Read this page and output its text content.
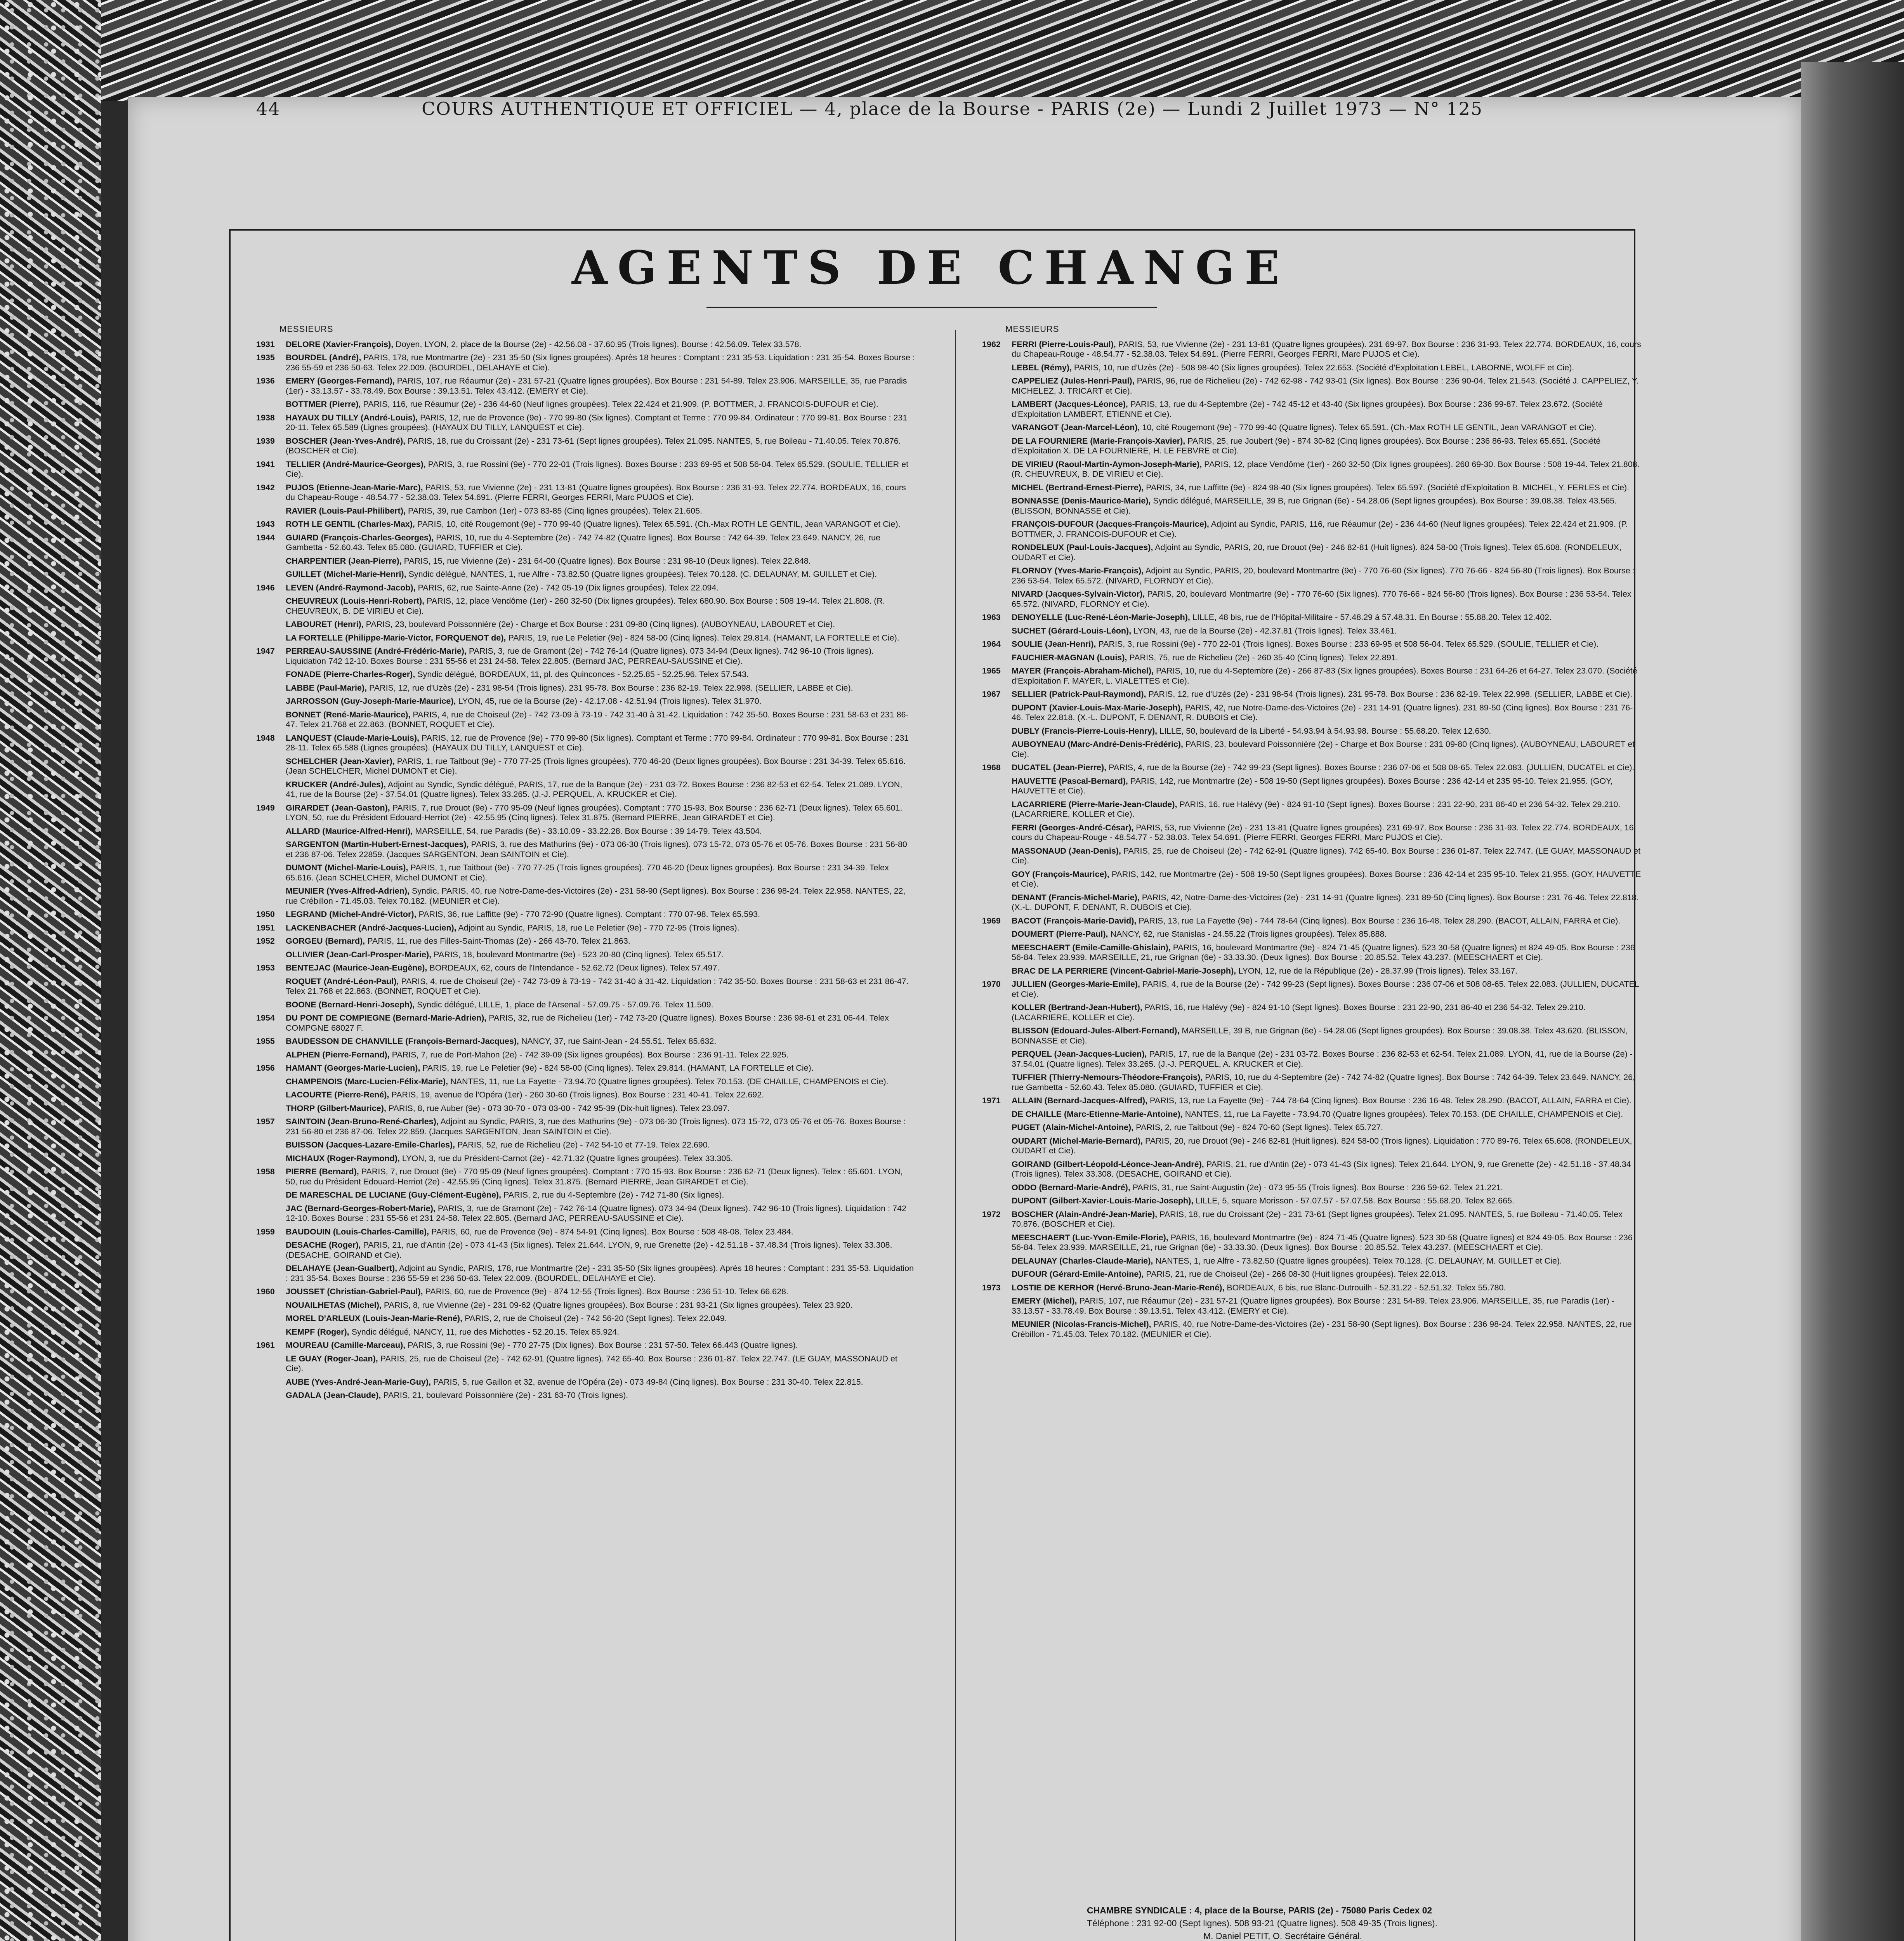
44	COURS AUTHENTIQUE ET OFFICIEL — 4, place de la Bourse - PARIS (2e) — Lundi 2 Juillet 1973 — N° 125
AGENTS DE CHANGE
MESSIEURS
1931 DELORE (Xavier-François), Doyen, LYON, 2, place de la Bourse (2e) - 42.56.08 - 37.60.95 (Trois lignes). Bourse : 42.56.09. Telex 33.578.
1935 BOURDEL (André), PARIS, 178, rue Montmartre (2e) - 231 35-50 (Six lignes groupées). Après 18 heures : Comptant : 231 35-53. Liquidation : 231 35-54. Boxes Bourse : 236 55-59 et 236 50-63. Telex 22.009. (BOURDEL, DELAHAYE et Cie).
1936 EMERY (Georges-Fernand), PARIS, 107, rue Réaumur (2e) - 231 57-21 (Quatre lignes groupées). Box Bourse : 231 54-89. Telex 23.906. MARSEILLE, 35, rue Paradis (1er) - 33.13.57 - 33.78.49. Box Bourse : 39.13.51. Telex 43.412. (EMERY et Cie).
BOTTMER (Pierre), PARIS, 116, rue Réaumur (2e) - 236 44-60 (Neuf lignes groupées). Telex 22.424 et 21.909. (P. BOTTMER, J. FRANCOIS-DUFOUR et Cie).
1938 HAYAUX DU TILLY (André-Louis), PARIS, 12, rue de Provence (9e) - 770 99-80 (Six lignes). Comptant et Terme : 770 99-84. Ordinateur : 770 99-81. Box Bourse : 231 20-11. Telex 65.589 (Lignes groupées). (HAYAUX DU TILLY, LANQUEST et Cie).
1939 BOSCHER (Jean-Yves-André), PARIS, 18, rue du Croissant (2e) - 231 73-61 (Sept lignes groupées). Telex 21.095. NANTES, 5, rue Boileau - 71.40.05. Telex 70.876. (BOSCHER et Cie).
1941 TELLIER (André-Maurice-Georges), PARIS, 3, rue Rossini (9e) - 770 22-01 (Trois lignes). Boxes Bourse : 233 69-95 et 508 56-04. Telex 65.529. (SOULIE, TELLIER et Cie).
1942 PUJOS (Etienne-Jean-Marie-Marc), PARIS, 53, rue Vivienne (2e) - 231 13-81 (Quatre lignes groupées). Box Bourse : 236 31-93. Telex 22.774. BORDEAUX, 16, cours du Chapeau-Rouge - 48.54.77 - 52.38.03. Telex 54.691. (Pierre FERRI, Georges FERRI, Marc PUJOS et Cie).
RAVIER (Louis-Paul-Philibert), PARIS, 39, rue Cambon (1er) - 073 83-85 (Cinq lignes groupées). Telex 21.605.
1943 ROTH LE GENTIL (Charles-Max), PARIS, 10, cité Rougemont (9e) - 770 99-40 (Quatre lignes). Telex 65.591. (Ch.-Max ROTH LE GENTIL, Jean VARANGOT et Cie).
1944 GUIARD (François-Charles-Georges), PARIS, 10, rue du 4-Septembre (2e) - 742 74-82 (Quatre lignes). Box Bourse : 742 64-39. Telex 23.649. NANCY, 26, rue Gambetta - 52.60.43. Telex 85.080. (GUIARD, TUFFIER et Cie).
CHARPENTIER (Jean-Pierre), PARIS, 15, rue Vivienne (2e) - 231 64-00 (Quatre lignes). Box Bourse : 231 98-10 (Deux lignes). Telex 22.848.
GUILLET (Michel-Marie-Henri), Syndic délégué, NANTES, 1, rue Alfre - 73.82.50 (Quatre lignes groupées). Telex 70.128. (C. DELAUNAY, M. GUILLET et Cie).
1946 LEVEN (André-Raymond-Jacob), PARIS, 62, rue Sainte-Anne (2e) - 742 05-19 (Dix lignes groupées). Telex 22.094.
CHEUVREUX (Louis-Henri-Robert), PARIS, 12, place Vendôme (1er) - 260 32-50 (Dix lignes groupées). Telex 680.90. Box Bourse : 508 19-44. Telex 21.808. (R. CHEUVREUX, B. DE VIRIEU et Cie).
LABOURET (Henri), PARIS, 23, boulevard Poissonnière (2e) - Charge et Box Bourse : 231 09-80 (Cinq lignes). (AUBOYNEAU, LABOURET et Cie).
LA FORTELLE (Philippe-Marie-Victor, FORQUENOT de), PARIS, 19, rue Le Peletier (9e) - 824 58-00 (Cinq lignes). Telex 29.814. (HAMANT, LA FORTELLE et Cie).
1947 PERREAU-SAUSSINE (André-Frédéric-Marie), PARIS, 3, rue de Gramont (2e) - 742 76-14 (Quatre lignes). 073 34-94 (Deux lignes). 742 96-10 (Trois lignes). Liquidation 742 12-10. Boxes Bourse : 231 55-56 et 231 24-58. Telex 22.805. (Bernard JAC, PERREAU-SAUSSINE et Cie).
FONADE (Pierre-Charles-Roger), Syndic délégué, BORDEAUX, 11, pl. des Quinconces - 52.25.85 - 52.25.96. Telex 57.543.
LABBE (Paul-Marie), PARIS, 12, rue d'Uzès (2e) - 231 98-54 (Trois lignes). 231 95-78. Box Bourse : 236 82-19. Telex 22.998. (SELLIER, LABBE et Cie).
JARROSSON (Guy-Joseph-Marie-Maurice), LYON, 45, rue de la Bourse (2e) - 42.17.08 - 42.51.94 (Trois lignes). Telex 31.970.
BONNET (René-Marie-Maurice), PARIS, 4, rue de Choiseul (2e) - 742 73-09 à 73-19 - 742 31-40 à 31-42. Liquidation : 742 35-50. Boxes Bourse : 231 58-63 et 231 86-47. Telex 21.768 et 22.863. (BONNET, ROQUET et Cie).
1948 LANQUEST (Claude-Marie-Louis), PARIS, 12, rue de Provence (9e) - 770 99-80 (Six lignes). Comptant et Terme : 770 99-84. Ordinateur : 770 99-81. Box Bourse : 231 28-11. Telex 65.588 (Lignes groupées). (HAYAUX DU TILLY, LANQUEST et Cie).
SCHELCHER (Jean-Xavier), PARIS, 1, rue Taitbout (9e) - 770 77-25 (Trois lignes groupées). 770 46-20 (Deux lignes groupées). Box Bourse : 231 34-39. Telex 65.616. (Jean SCHELCHER, Michel DUMONT et Cie).
KRUCKER (André-Jules), Adjoint au Syndic, Syndic délégué, PARIS, 17, rue de la Banque (2e) - 231 03-72. Boxes Bourse : 236 82-53 et 62-54. Telex 21.089. LYON, 41, rue de la Bourse (2e) - 37.54.01 (Quatre lignes). Telex 33.265. (J.-J. PERQUEL, A. KRUCKER et Cie).
1949 GIRARDET (Jean-Gaston), PARIS, 7, rue Drouot (9e) - 770 95-09 (Neuf lignes groupées). Comptant : 770 15-93. Box Bourse : 236 62-71 (Deux lignes). Telex 65.601. LYON, 50, rue du Président Edouard-Herriot (2e) - 42.55.95 (Cinq lignes). Telex 31.875. (Bernard PIERRE, Jean GIRARDET et Cie).
ALLARD (Maurice-Alfred-Henri), MARSEILLE, 54, rue Paradis (6e) - 33.10.09 - 33.22.28. Box Bourse : 39 14-79. Telex 43.504.
SARGENTON (Martin-Hubert-Ernest-Jacques), PARIS, 3, rue des Mathurins (9e) - 073 06-30 (Trois lignes). 073 15-72, 073 05-76 et 05-76. Boxes Bourse : 231 56-80 et 236 87-06. Telex 22859. (Jacques SARGENTON, Jean SAINTOIN et Cie).
DUMONT (Michel-Marie-Louis), PARIS, 1, rue Taitbout (9e) - 770 77-25 (Trois lignes groupées). 770 46-20 (Deux lignes groupées). Box Bourse : 231 34-39. Telex 65.616. (Jean SCHELCHER, Michel DUMONT et Cie).
MEUNIER (Yves-Alfred-Adrien), Syndic, PARIS, 40, rue Notre-Dame-des-Victoires (2e) - 231 58-90 (Sept lignes). Box Bourse : 236 98-24. Telex 22.958. NANTES, 22, rue Crébillon - 71.45.03. Telex 70.182. (MEUNIER et Cie).
1950 LEGRAND (Michel-André-Victor), PARIS, 36, rue Laffitte (9e) - 770 72-90 (Quatre lignes). Comptant : 770 07-98. Telex 65.593.
1951 LACKENBACHER (André-Jacques-Lucien), Adjoint au Syndic, PARIS, 18, rue Le Peletier (9e) - 770 72-95 (Trois lignes).
1952 GORGEU (Bernard), PARIS, 11, rue des Filles-Saint-Thomas (2e) - 266 43-70. Telex 21.863.
OLLIVIER (Jean-Carl-Prosper-Marie), PARIS, 18, boulevard Montmartre (9e) - 523 20-80 (Cinq lignes). Telex 65.517.
1953 BENTEJAC (Maurice-Jean-Eugène), BORDEAUX, 62, cours de l'Intendance - 52.62.72 (Deux lignes). Telex 57.497.
ROQUET (André-Léon-Paul), PARIS, 4, rue de Choiseul (2e) - 742 73-09 à 73-19 - 742 31-40 à 31-42. Liquidation : 742 35-50. Boxes Bourse : 231 58-63 et 231 86-47. Telex 21.768 et 22.863. (BONNET, ROQUET et Cie).
BOONE (Bernard-Henri-Joseph), Syndic délégué, LILLE, 1, place de l'Arsenal - 57.09.75 - 57.09.76. Telex 11.509.
1954 DU PONT DE COMPIEGNE (Bernard-Marie-Adrien), PARIS, 32, rue de Richelieu (1er) - 742 73-20 (Quatre lignes). Boxes Bourse : 236 98-61 et 231 06-44. Telex COMPGNE 68027 F.
1955 BAUDESSON DE CHANVILLE (François-Bernard-Jacques), NANCY, 37, rue Saint-Jean - 24.55.51. Telex 85.632.
ALPHEN (Pierre-Fernand), PARIS, 7, rue de Port-Mahon (2e) - 742 39-09 (Six lignes groupées). Box Bourse : 236 91-11. Telex 22.925.
1956 HAMANT (Georges-Marie-Lucien), PARIS, 19, rue Le Peletier (9e) - 824 58-00 (Cinq lignes). Telex 29.814. (HAMANT, LA FORTELLE et Cie).
CHAMPENOIS (Marc-Lucien-Félix-Marie), NANTES, 11, rue La Fayette - 73.94.70 (Quatre lignes groupées). Telex 70.153. (DE CHAILLE, CHAMPENOIS et Cie).
LACOURTE (Pierre-René), PARIS, 19, avenue de l'Opéra (1er) - 260 30-60 (Trois lignes). Box Bourse : 231 40-41. Telex 22.692.
THORP (Gilbert-Maurice), PARIS, 8, rue Auber (9e) - 073 30-70 - 073 03-00 - 742 95-39 (Dix-huit lignes). Telex 23.097.
1957 SAINTOIN (Jean-Bruno-René-Charles), Adjoint au Syndic, PARIS, 3, rue des Mathurins (9e) - 073 06-30 (Trois lignes). 073 15-72, 073 05-76 et 05-76. Boxes Bourse : 231 56-80 et 236 87-06. Telex 22.859. (Jacques SARGENTON, Jean SAINTOIN et Cie).
BUISSON (Jacques-Lazare-Emile-Charles), PARIS, 52, rue de Richelieu (2e) - 742 54-10 et 77-19. Telex 22.690.
MICHAUX (Roger-Raymond), LYON, 3, rue du Président-Carnot (2e) - 42.71.32 (Quatre lignes groupées). Telex 33.305.
1958 PIERRE (Bernard), PARIS, 7, rue Drouot (9e) - 770 95-09 (Neuf lignes groupées). Comptant : 770 15-93. Box Bourse : 236 62-71 (Deux lignes). Telex : 65.601. LYON, 50, rue du Président Edouard-Herriot (2e) - 42.55.95 (Cinq lignes). Telex 31.875. (Bernard PIERRE, Jean GIRARDET et Cie).
DE MARESCHAL DE LUCIANE (Guy-Clément-Eugène), PARIS, 2, rue du 4-Septembre (2e) - 742 71-80 (Six lignes).
JAC (Bernard-Georges-Robert-Marie), PARIS, 3, rue de Gramont (2e) - 742 76-14 (Quatre lignes). 073 34-94 (Deux lignes). 742 96-10 (Trois lignes). Liquidation : 742 12-10. Boxes Bourse : 231 55-56 et 231 24-58. Telex 22.805. (Bernard JAC, PERREAU-SAUSSINE et Cie).
1959 BAUDOUIN (Louis-Charles-Camille), PARIS, 60, rue de Provence (9e) - 874 54-91 (Cinq lignes). Box Bourse : 508 48-08. Telex 23.484.
DESACHE (Roger), PARIS, 21, rue d'Antin (2e) - 073 41-43 (Six lignes). Telex 21.644. LYON, 9, rue Grenette (2e) - 42.51.18 - 37.48.34 (Trois lignes). Telex 33.308. (DESACHE, GOIRAND et Cie).
DELAHAYE (Jean-Gualbert), Adjoint au Syndic, PARIS, 178, rue Montmartre (2e) - 231 35-50 (Six lignes groupées). Après 18 heures : Comptant : 231 35-53. Liquidation : 231 35-54. Boxes Bourse : 236 55-59 et 236 50-63. Telex 22.009. (BOURDEL, DELAHAYE et Cie).
1960 JOUSSET (Christian-Gabriel-Paul), PARIS, 60, rue de Provence (9e) - 874 12-55 (Trois lignes). Box Bourse : 236 51-10. Telex 66.628.
NOUAILHETAS (Michel), PARIS, 8, rue Vivienne (2e) - 231 09-62 (Quatre lignes groupées). Box Bourse : 231 93-21 (Six lignes groupées). Telex 23.920.
MOREL D'ARLEUX (Louis-Jean-Marie-René), PARIS, 2, rue de Choiseul (2e) - 742 56-20 (Sept lignes). Telex 22.049.
KEMPF (Roger), Syndic délégué, NANCY, 11, rue des Michottes - 52.20.15. Telex 85.924.
1961 MOUREAU (Camille-Marceau), PARIS, 3, rue Rossini (9e) - 770 27-75 (Dix lignes). Box Bourse : 231 57-50. Telex 66.443 (Quatre lignes).
LE GUAY (Roger-Jean), PARIS, 25, rue de Choiseul (2e) - 742 62-91 (Quatre lignes). 742 65-40. Box Bourse : 236 01-87. Telex 22.747. (LE GUAY, MASSONAUD et Cie).
AUBE (Yves-André-Jean-Marie-Guy), PARIS, 5, rue Gaillon et 32, avenue de l'Opéra (2e) - 073 49-84 (Cinq lignes). Box Bourse : 231 30-40. Telex 22.815.
GADALA (Jean-Claude), PARIS, 21, boulevard Poissonnière (2e) - 231 63-70 (Trois lignes).
MESSIEURS
1962 FERRI (Pierre-Louis-Paul), PARIS, 53, rue Vivienne (2e) - 231 13-81 (Quatre lignes groupées). 231 69-97. Box Bourse : 236 31-93. Telex 22.774. BORDEAUX, 16, cours du Chapeau-Rouge - 48.54.77 - 52.38.03. Telex 54.691. (Pierre FERRI, Georges FERRI, Marc PUJOS et Cie).
LEBEL (Rémy), PARIS, 10, rue d'Uzès (2e) - 508 98-40 (Six lignes groupées). Telex 22.653. (Société d'Exploitation LEBEL, LABORNE, WOLFF et Cie).
CAPPELIEZ (Jules-Henri-Paul), PARIS, 96, rue de Richelieu (2e) - 742 62-98 - 742 93-01 (Six lignes). Box Bourse : 236 90-04. Telex 21.543. (Société J. CAPPELIEZ, Y. MICHELEZ, J. TRICART et Cie).
LAMBERT (Jacques-Léonce), PARIS, 13, rue du 4-Septembre (2e) - 742 45-12 et 43-40 (Six lignes groupées). Box Bourse : 236 99-87. Telex 23.672. (Société d'Exploitation LAMBERT, ETIENNE et Cie).
VARANGOT (Jean-Marcel-Léon), 10, cité Rougemont (9e) - 770 99-40 (Quatre lignes). Telex 65.591. (Ch.-Max ROTH LE GENTIL, Jean VARANGOT et Cie).
DE LA FOURNIERE (Marie-François-Xavier), PARIS, 25, rue Joubert (9e) - 874 30-82 (Cinq lignes groupées). Box Bourse : 236 86-93. Telex 65.651. (Société d'Exploitation X. DE LA FOURNIERE, H. LE FEBVRE et Cie).
DE VIRIEU (Raoul-Martin-Aymon-Joseph-Marie), PARIS, 12, place Vendôme (1er) - 260 32-50 (Dix lignes groupées). 260 69-30. Box Bourse : 508 19-44. Telex 21.808. (R. CHEUVREUX, B. DE VIRIEU et Cie).
MICHEL (Bertrand-Ernest-Pierre), PARIS, 34, rue Laffitte (9e) - 824 98-40 (Six lignes groupées). Telex 65.597. (Société d'Exploitation B. MICHEL, Y. FERLES et Cie).
BONNASSE (Denis-Maurice-Marie), Syndic délégué, MARSEILLE, 39 B, rue Grignan (6e) - 54.28.06 (Sept lignes groupées). Box Bourse : 39.08.38. Telex 43.565. (BLISSON, BONNASSE et Cie).
FRANÇOIS-DUFOUR (Jacques-François-Maurice), Adjoint au Syndic, PARIS, 116, rue Réaumur (2e) - 236 44-60 (Neuf lignes groupées). Telex 22.424 et 21.909. (P. BOTTMER, J. FRANCOIS-DUFOUR et Cie).
RONDELEUX (Paul-Louis-Jacques), Adjoint au Syndic, PARIS, 20, rue Drouot (9e) - 246 82-81 (Huit lignes). 824 58-00 (Trois lignes). Telex 65.608. (RONDELEUX, OUDART et Cie).
FLORNOY (Yves-Marie-François), Adjoint au Syndic, PARIS, 20, boulevard Montmartre (9e) - 770 76-60 (Six lignes). 770 76-66 - 824 56-80 (Trois lignes). Box Bourse : 236 53-54. Telex 65.572. (NIVARD, FLORNOY et Cie).
NIVARD (Jacques-Sylvain-Victor), PARIS, 20, boulevard Montmartre (9e) - 770 76-60 (Six lignes). 770 76-66 - 824 56-80 (Trois lignes). Box Bourse : 236 53-54. Telex 65.572. (NIVARD, FLORNOY et Cie).
1963 DENOYELLE (Luc-René-Léon-Marie-Joseph), LILLE, 48 bis, rue de l'Hôpital-Militaire - 57.48.29 à 57.48.31. En Bourse : 55.88.20. Telex 12.402.
SUCHET (Gérard-Louis-Léon), LYON, 43, rue de la Bourse (2e) - 42.37.81 (Trois lignes). Telex 33.461.
1964 SOULIE (Jean-Henri), PARIS, 3, rue Rossini (9e) - 770 22-01 (Trois lignes). Boxes Bourse : 233 69-95 et 508 56-04. Telex 65.529. (SOULIE, TELLIER et Cie).
FAUCHIER-MAGNAN (Louis), PARIS, 75, rue de Richelieu (2e) - 260 35-40 (Cinq lignes). Telex 22.891.
1965 MAYER (François-Abraham-Michel), PARIS, 10, rue du 4-Septembre (2e) - 266 87-83 (Six lignes groupées). Boxes Bourse : 231 64-26 et 64-27. Telex 23.070. (Société d'Exploitation F. MAYER, L. VIALETTES et Cie).
1967 SELLIER (Patrick-Paul-Raymond), PARIS, 12, rue d'Uzès (2e) - 231 98-54 (Trois lignes). 231 95-78. Box Bourse : 236 82-19. Telex 22.998. (SELLIER, LABBE et Cie).
DUPONT (Xavier-Louis-Max-Marie-Joseph), PARIS, 42, rue Notre-Dame-des-Victoires (2e) - 231 14-91 (Quatre lignes). 231 89-50 (Cinq lignes). Box Bourse : 231 76-46. Telex 22.818. (X.-L. DUPONT, F. DENANT, R. DUBOIS et Cie).
DUBLY (Francis-Pierre-Louis-Henry), LILLE, 50, boulevard de la Liberté - 54.93.94 à 54.93.98. Bourse : 55.68.20. Telex 12.630.
AUBOYNEAU (Marc-André-Denis-Frédéric), PARIS, 23, boulevard Poissonnière (2e) - Charge et Box Bourse : 231 09-80 (Cinq lignes). (AUBOYNEAU, LABOURET et Cie).
1968 DUCATEL (Jean-Pierre), PARIS, 4, rue de la Bourse (2e) - 742 99-23 (Sept lignes). Boxes Bourse : 236 07-06 et 508 08-65. Telex 22.083. (JULLIEN, DUCATEL et Cie).
HAUVETTE (Pascal-Bernard), PARIS, 142, rue Montmartre (2e) - 508 19-50 (Sept lignes groupées). Boxes Bourse : 236 42-14 et 235 95-10. Telex 21.955. (GOY, HAUVETTE et Cie).
LACARRIERE (Pierre-Marie-Jean-Claude), PARIS, 16, rue Halévy (9e) - 824 91-10 (Sept lignes). Boxes Bourse : 231 22-90, 231 86-40 et 236 54-32. Telex 29.210. (LACARRIERE, KOLLER et Cie).
FERRI (Georges-André-César), PARIS, 53, rue Vivienne (2e) - 231 13-81 (Quatre lignes groupées). 231 69-97. Box Bourse : 236 31-93. Telex 22.774. BORDEAUX, 16, cours du Chapeau-Rouge - 48.54.77 - 52.38.03. Telex 54.691. (Pierre FERRI, Georges FERRI, Marc PUJOS et Cie).
MASSONAUD (Jean-Denis), PARIS, 25, rue de Choiseul (2e) - 742 62-91 (Quatre lignes). 742 65-40. Box Bourse : 236 01-87. Telex 22.747. (LE GUAY, MASSONAUD et Cie).
GOY (François-Maurice), PARIS, 142, rue Montmartre (2e) - 508 19-50 (Sept lignes groupées). Boxes Bourse : 236 42-14 et 235 95-10. Telex 21.955. (GOY, HAUVETTE et Cie).
DENANT (Francis-Michel-Marie), PARIS, 42, Notre-Dame-des-Victoires (2e) - 231 14-91 (Quatre lignes). 231 89-50 (Cinq lignes). Box Bourse : 231 76-46. Telex 22.818. (X.-L. DUPONT, F. DENANT, R. DUBOIS et Cie).
1969 BACOT (François-Marie-David), PARIS, 13, rue La Fayette (9e) - 744 78-64 (Cinq lignes). Box Bourse : 236 16-48. Telex 28.290. (BACOT, ALLAIN, FARRA et Cie).
DOUMERT (Pierre-Paul), NANCY, 62, rue Stanislas - 24.55.22 (Trois lignes groupées). Telex 85.888.
MEESCHAERT (Emile-Camille-Ghislain), PARIS, 16, boulevard Montmartre (9e) - 824 71-45 (Quatre lignes). 523 30-58 (Quatre lignes) et 824 49-05. Box Bourse : 236 56-84. Telex 23.939. MARSEILLE, 21, rue Grignan (6e) - 33.33.30. (Deux lignes). Box Bourse : 20.85.52. Telex 43.237. (MEESCHAERT et Cie).
BRAC DE LA PERRIERE (Vincent-Gabriel-Marie-Joseph), LYON, 12, rue de la République (2e) - 28.37.99 (Trois lignes). Telex 33.167.
1970 JULLIEN (Georges-Marie-Emile), PARIS, 4, rue de la Bourse (2e) - 742 99-23 (Sept lignes). Boxes Bourse : 236 07-06 et 508 08-65. Telex 22.083. (JULLIEN, DUCATEL et Cie).
KOLLER (Bertrand-Jean-Hubert), PARIS, 16, rue Halévy (9e) - 824 91-10 (Sept lignes). Boxes Bourse : 231 22-90, 231 86-40 et 236 54-32. Telex 29.210. (LACARRIERE, KOLLER et Cie).
BLISSON (Edouard-Jules-Albert-Fernand), MARSEILLE, 39 B, rue Grignan (6e) - 54.28.06 (Sept lignes groupées). Box Bourse : 39.08.38. Telex 43.620. (BLISSON, BONNASSE et Cie).
PERQUEL (Jean-Jacques-Lucien), PARIS, 17, rue de la Banque (2e) - 231 03-72. Boxes Bourse : 236 82-53 et 62-54. Telex 21.089. LYON, 41, rue de la Bourse (2e) - 37.54.01 (Quatre lignes). Telex 33.265. (J.-J. PERQUEL, A. KRUCKER et Cie).
TUFFIER (Thierry-Nemours-Théodore-François), PARIS, 10, rue du 4-Septembre (2e) - 742 74-82 (Quatre lignes). Box Bourse : 742 64-39. Telex 23.649. NANCY, 26, rue Gambetta - 52.60.43. Telex 85.080. (GUIARD, TUFFIER et Cie).
1971 ALLAIN (Bernard-Jacques-Alfred), PARIS, 13, rue La Fayette (9e) - 744 78-64 (Cinq lignes). Box Bourse : 236 16-48. Telex 28.290. (BACOT, ALLAIN, FARRA et Cie).
DE CHAILLE (Marc-Etienne-Marie-Antoine), NANTES, 11, rue La Fayette - 73.94.70 (Quatre lignes groupées). Telex 70.153. (DE CHAILLE, CHAMPENOIS et Cie).
PUGET (Alain-Michel-Antoine), PARIS, 2, rue Taitbout (9e) - 824 70-60 (Sept lignes). Telex 65.727.
OUDART (Michel-Marie-Bernard), PARIS, 20, rue Drouot (9e) - 246 82-81 (Huit lignes). 824 58-00 (Trois lignes). Liquidation : 770 89-76. Telex 65.608. (RONDELEUX, OUDART et Cie).
GOIRAND (Gilbert-Léopold-Léonce-Jean-André), PARIS, 21, rue d'Antin (2e) - 073 41-43 (Six lignes). Telex 21.644. LYON, 9, rue Grenette (2e) - 42.51.18 - 37.48.34 (Trois lignes). Telex 33.308. (DESACHE, GOIRAND et Cie).
ODDO (Bernard-Marie-André), PARIS, 31, rue Saint-Augustin (2e) - 073 95-55 (Trois lignes). Box Bourse : 236 59-62. Telex 21.221.
DUPONT (Gilbert-Xavier-Louis-Marie-Joseph), LILLE, 5, square Morisson - 57.07.57 - 57.07.58. Box Bourse : 55.68.20. Telex 82.665.
1972 BOSCHER (Alain-André-Jean-Marie), PARIS, 18, rue du Croissant (2e) - 231 73-61 (Sept lignes groupées). Telex 21.095. NANTES, 5, rue Boileau - 71.40.05. Telex 70.876. (BOSCHER et Cie).
MEESCHAERT (Luc-Yvon-Emile-Florie), PARIS, 16, boulevard Montmartre (9e) - 824 71-45 (Quatre lignes). 523 30-58 (Quatre lignes) et 824 49-05. Box Bourse : 236 56-84. Telex 23.939. MARSEILLE, 21, rue Grignan (6e) - 33.33.30. (Deux lignes). Box Bourse : 20.85.52. Telex 43.237. (MEESCHAERT et Cie).
DELAUNAY (Charles-Claude-Marie), NANTES, 1, rue Alfre - 73.82.50 (Quatre lignes groupées). Telex 70.128. (C. DELAUNAY, M. GUILLET et Cie).
DUFOUR (Gérard-Emile-Antoine), PARIS, 21, rue de Choiseul (2e) - 266 08-30 (Huit lignes groupées). Telex 22.013.
1973 LOSTIE DE KERHOR (Hervé-Bruno-Jean-Marie-René), BORDEAUX, 6 bis, rue Blanc-Dutrouilh - 52.31.22 - 52.51.32. Telex 55.780.
EMERY (Michel), PARIS, 107, rue Réaumur (2e) - 231 57-21 (Quatre lignes groupées). Box Bourse : 231 54-89. Telex 23.906. MARSEILLE, 35, rue Paradis (1er) - 33.13.57 - 33.78.49. Box Bourse : 39.13.51. Telex 43.412. (EMERY et Cie).
MEUNIER (Nicolas-Francis-Michel), PARIS, 40, rue Notre-Dame-des-Victoires (2e) - 231 58-90 (Sept lignes). Box Bourse : 236 98-24. Telex 22.958. NANTES, 22, rue Crébillon - 71.45.03. Telex 70.182. (MEUNIER et Cie).
CHAMBRE SYNDICALE : 4, place de la Bourse, PARIS (2e) - 75080 Paris Cedex 02
Téléphone : 231 92-00 (Sept lignes). 508 93-21 (Quatre lignes). 508 49-35 (Trois lignes).
M. Daniel PETIT, O. Secrétaire Général.
